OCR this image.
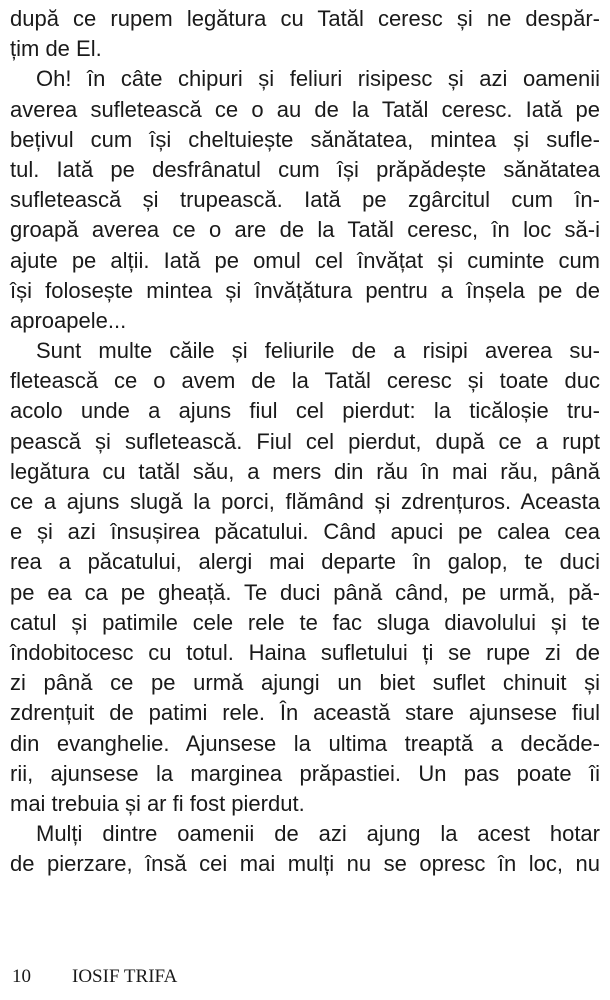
după ce rupem legătura cu Tatăl ceresc și ne despăr-
țim de El.
Oh! în câte chipuri și feliuri risipesc și azi oamenii
averea sufletească ce o au de la Tatăl ceresc. Iată pe
bețivul cum își cheltuiește sănătatea, mintea și sufle-
tul. Iată pe desfrânatul cum își prăpădește sănătatea
sufletească și trupească. Iată pe zgârcitul cum în-
groapă averea ce o are de la Tatăl ceresc, în loc să-i
ajute pe alții. Iată pe omul cel învățat și cuminte cum
își folosește mintea și învățătura pentru a înșela pe de
aproapele...
Sunt multe căile și feliurile de a risipi averea su-
fletească ce o avem de la Tatăl ceresc și toate duc
acolo unde a ajuns fiul cel pierdut: la ticăloșie tru-
pească și sufletească. Fiul cel pierdut, după ce a rupt
legătura cu tatăl său, a mers din rău în mai rău, până
ce a ajuns slugă la porci, flămând și zdrențuros. Aceasta
e și azi însușirea păcatului. Când apuci pe calea cea
rea a păcatului, alergi mai departe în galop, te duci
pe ea ca pe gheață. Te duci până când, pe urmă, pă-
catul și patimile cele rele te fac sluga diavolului și te
îndobitocesc cu totul. Haina sufletului ți se rupe zi de
zi până ce pe urmă ajungi un biet suflet chinuit și
zdrențuit de patimi rele. În această stare ajunsese fiul
din evanghelie. Ajunsese la ultima treaptă a decăde-
rii, ajunsese la marginea prăpastiei. Un pas poate îi
mai trebuia și ar fi fost pierdut.
Mulți dintre oamenii de azi ajung la acest hotar
de pierzare, însă cei mai mulți nu se opresc în loc, nu
10 IOSIF TRIFA
